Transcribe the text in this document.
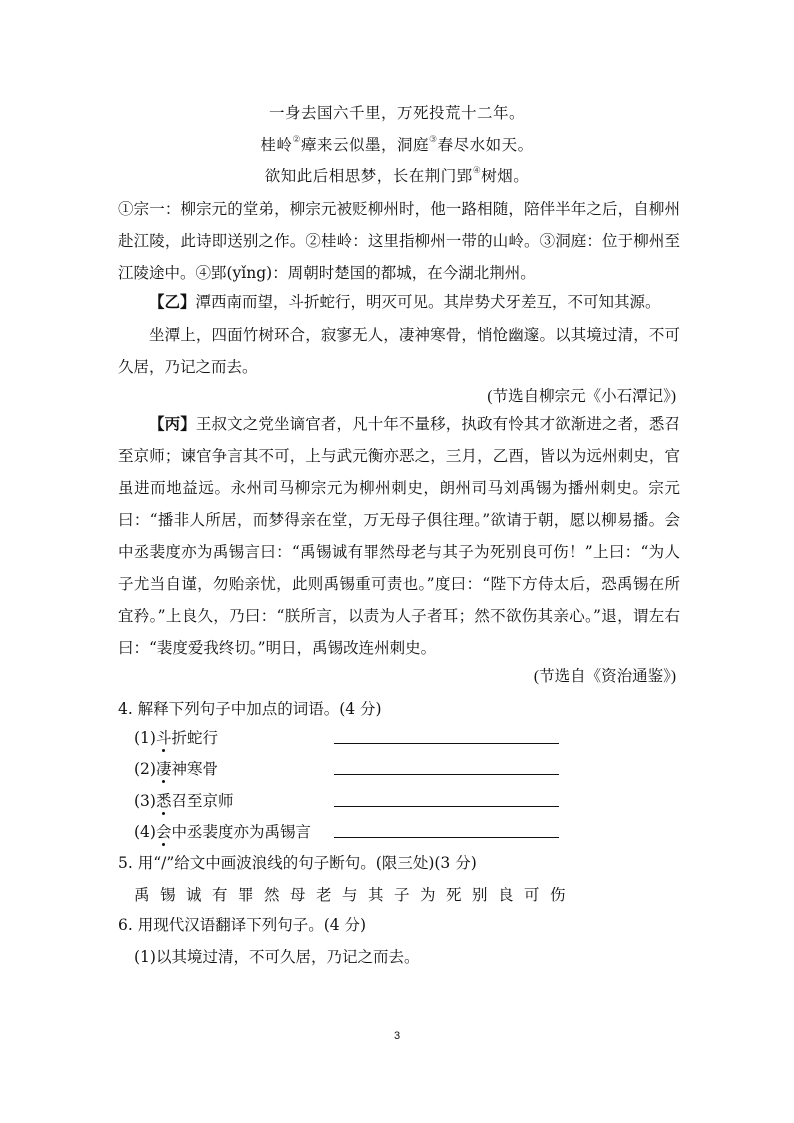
一身去国六千里，万死投荒十二年。
桂岭②瘴来云似墨，洞庭③春尽水如天。
欲知此后相思梦，长在荆门郢④树烟。
①宗一：柳宗元的堂弟，柳宗元被贬柳州时，他一路相随，陪伴半年之后，自柳州赴江陵，此诗即送别之作。②桂岭：这里指柳州一带的山岭。③洞庭：位于柳州至江陵途中。④郢(yǐng)：周朝时楚国的都城，在今湖北荆州。
【乙】潭西南而望，斗折蛇行，明灭可见。其岸势犬牙差互，不可知其源。
坐潭上，四面竹树环合，寂寥无人，凄神寒骨，悄怆幽邃。以其境过清，不可久居，乃记之而去。
(节选自柳宗元《小石潭记》)
【丙】王叔文之党坐谪官者，凡十年不量移，执政有怜其才欲渐进之者，悉召至京师；谏官争言其不可，上与武元衡亦恶之，三月，乙酉，皆以为远州刺史，官虽进而地益远。永州司马柳宗元为柳州刺史，朗州司马刘禹锡为播州刺史。宗元曰：“播非人所居，而梦得亲在堂，万无母子俱往理。”欲请于朝，愿以柳易播。会中丞裴度亦为禹锡言曰：“禹锡诚有罪然母老与其子为死别良可伤！”上曰：“为人子尤当自谨，勿贻亲忧，此则禹锡重可责也。”度曰：“陛下方侍太后，恐禹锡在所宜矜。”上良久，乃曰：“朕所言，以责为人子者耳；然不欲伤其亲心。”退，谓左右曰：“裴度爱我终切。”明日，禹锡改连州刺史。
(节选自《资治通鉴》)
4. 解释下列句子中加点的词语。(4 分)
(1)斗折蛇行
(2)凄神寒骨
(3)悉召至京师
(4)会中丞裴度亦为禹锡言
5. 用“/”给文中画波浪线的句子断句。(限三处)(3 分)
禹锡诚有罪然母老与其子为死别良可伤
6. 用现代汉语翻译下列句子。(4 分)
(1)以其境过清，不可久居，乃记之而去。
3
